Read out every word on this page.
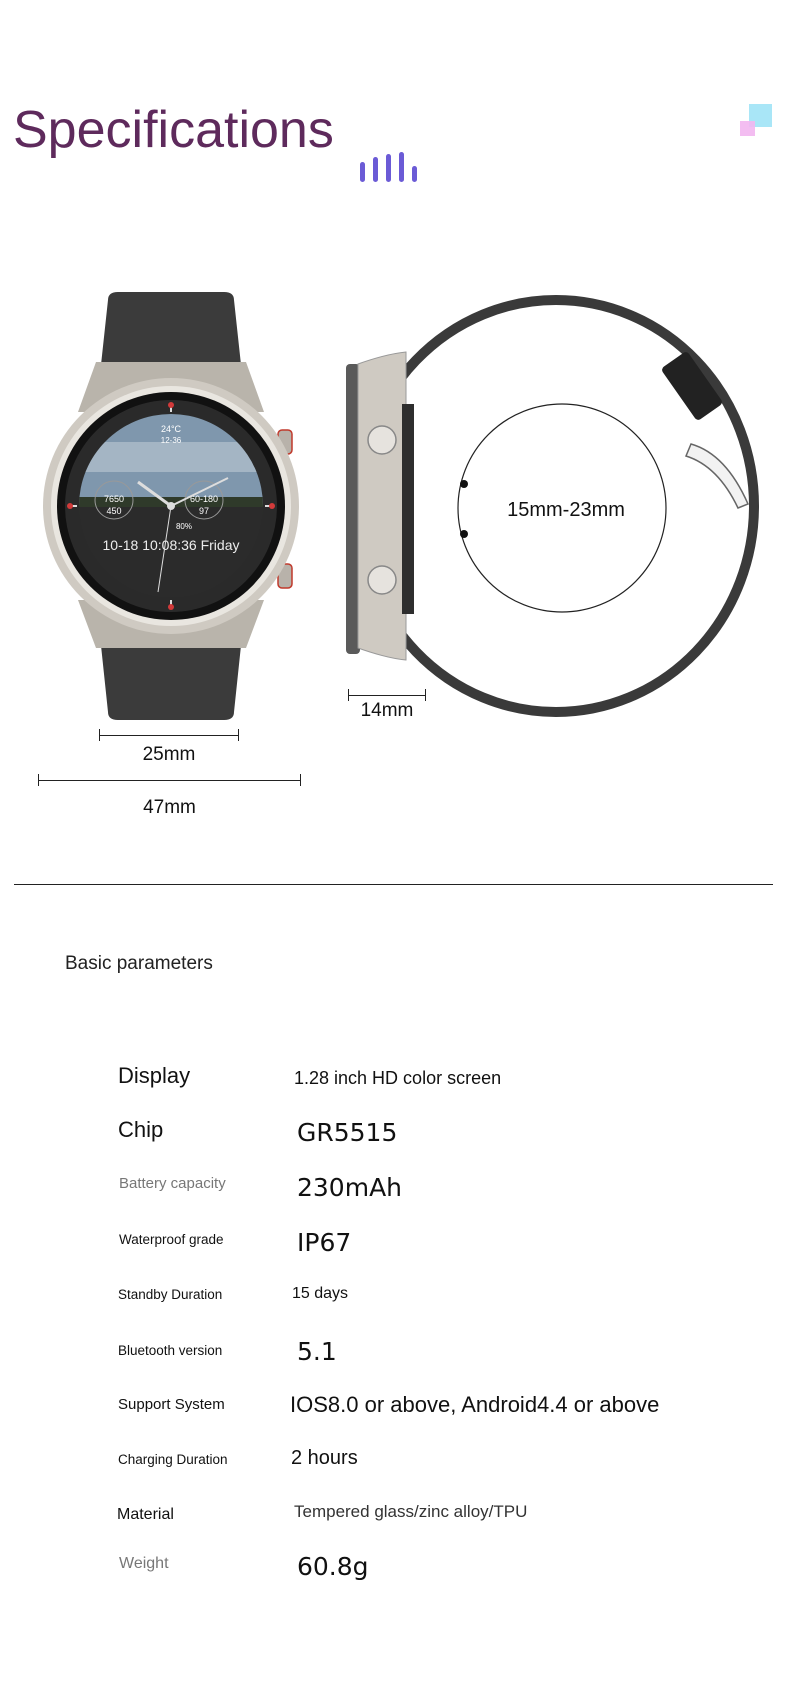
Specifications
24°C
12-36
7650
450
60-180
97
80%
10-18 10:08:36 Friday
15mm-23mm
25mm
47mm
14mm
Basic parameters
Display	1.28 inch HD color screen
Chip	GR5515
Battery capacity	230mAh
Waterproof grade	IP67
Standby Duration	15 days
Bluetooth version	5.1
Support System	IOS8.0 or above, Android4.4 or above
Charging Duration	2 hours
Material	Tempered glass/zinc alloy/TPU
Weight	60.8g
